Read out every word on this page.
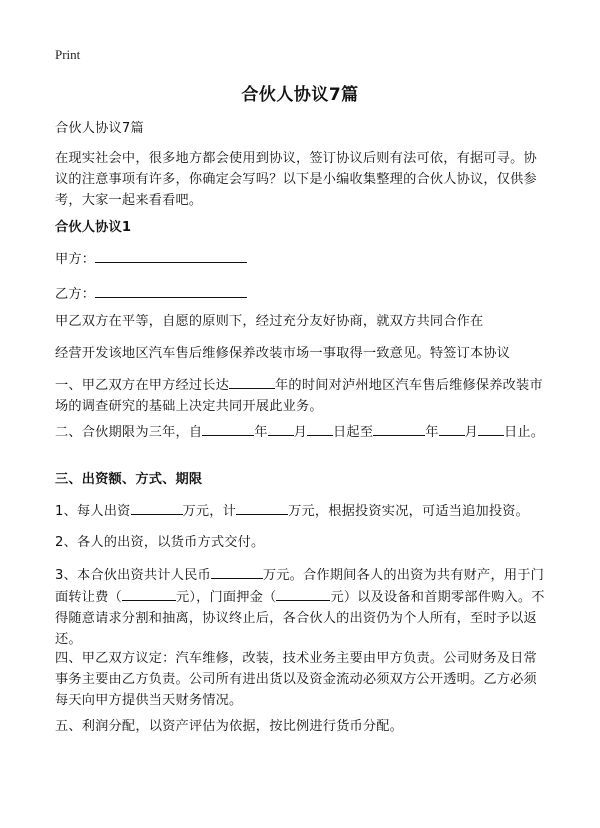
Print
合伙人协议7篇
合伙人协议7篇
在现实社会中，很多地方都会使用到协议，签订协议后则有法可依，有据可寻。协议的注意事项有许多，你确定会写吗？以下是小编收集整理的合伙人协议，仅供参考，大家一起来看看吧。
合伙人协议1
甲方：
乙方：
甲乙双方在平等，自愿的原则下，经过充分友好协商，就双方共同合作在
经营开发该地区汽车售后维修保养改装市场一事取得一致意见。特签订本协议
一、甲乙双方在甲方经过长达	年的时间对泸州地区汽车售后维修保养改装市场的调查研究的基础上决定共同开展此业务。
二、合伙期限为三年，自	年 月 日起至	年 月 日止。
三、出资额、方式、期限
1、每人出资	万元，计	万元，根据投资实况，可适当追加投资。
2、各人的出资，以货币方式交付。
3、本合伙出资共计人民币	万元。合作期间各人的出资为共有财产，用于门面转让费（	元），门面押金（	元）以及设备和首期零部件购入。不得随意请求分割和抽离，协议终止后，各合伙人的出资仍为个人所有，至时予以返还。
四、甲乙双方议定：汽车维修，改装，技术业务主要由甲方负责。公司财务及日常事务主要由乙方负责。公司所有进出货以及资金流动必须双方公开透明。乙方必须每天向甲方提供当天财务情况。
五、利润分配，以资产评估为依据，按比例进行货币分配。
